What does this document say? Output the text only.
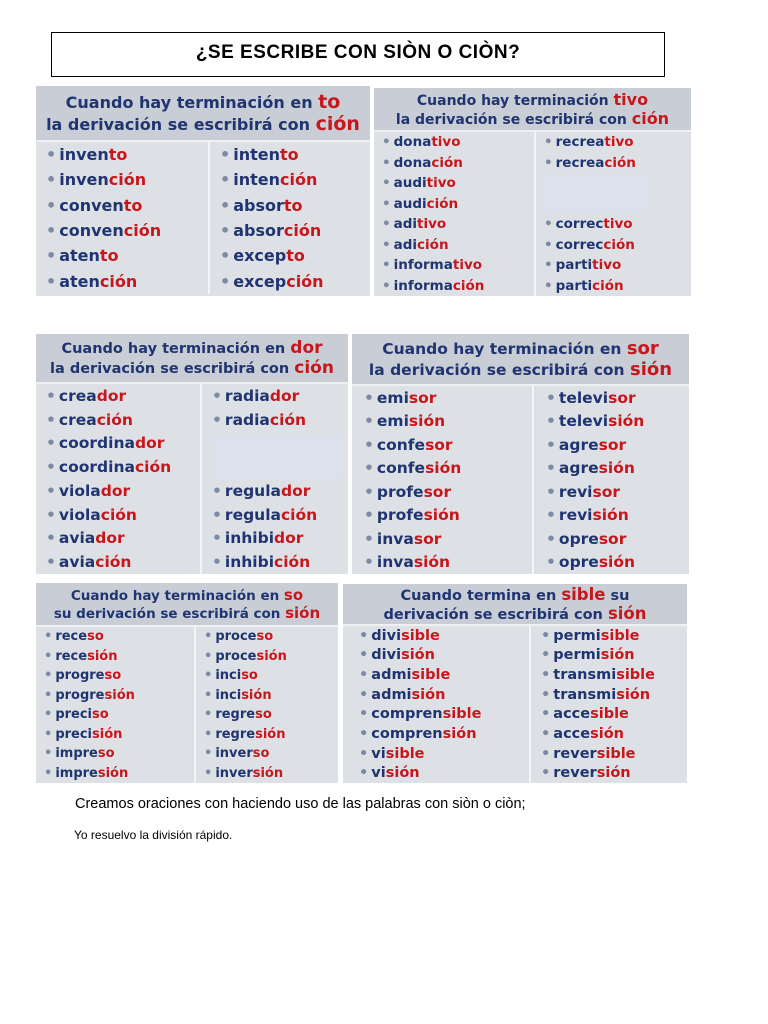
¿SE ESCRIBE CON SIÒN O CIÒN?
Cuando hay terminación en to
la derivación se escribirá con ción
• invento
• invención
• convento
• convención
• atento
• atención
• intento
• intención
• absorto
• absorción
• excepto
• excepción
Cuando hay terminación tivo
la derivación se escribirá con ción
• donativo
• donación
• auditivo
• audición
• aditivo
• adición
• informativo
• información
• recreativo
• recreación

• correctivo
• corrección
• partitivo
• partición
Cuando hay terminación en dor
la derivación se escribirá con ción
• creador
• creación
• coordinador
• coordinación
• violador
• violación
• aviador
• aviación
• radiador
• radiación

• regulador
• regulación
• inhibidor
• inhibición
Cuando hay terminación en sor
la derivación se escribirá con sión
• emisor
• emisión
• confesor
• confesión
• profesor
• profesión
• invasor
• invasión
• televisor
• televisión
• agresor
• agresión
• revisor
• revisión
• opresor
• opresión
Cuando hay terminación en so
su derivación se escribirá con sión
• receso
• recesión
• progreso
• progresión
• preciso
• precisión
• impreso
• impresión
• proceso
• procesión
• inciso
• incisión
• regreso
• regresión
• inverso
• inversión
Cuando termina en sible su
derivación se escribirá con sión
• divisible
• división
• admisible
• admisión
• comprensible
• comprensión
• visible
• visión
• permisible
• permisión
• transmisible
• transmisión
• accesible
• accesión
• reversible
• reversión
Creamos oraciones con haciendo uso de las palabras con siòn o ciòn;
Yo resuelvo la división rápido.
